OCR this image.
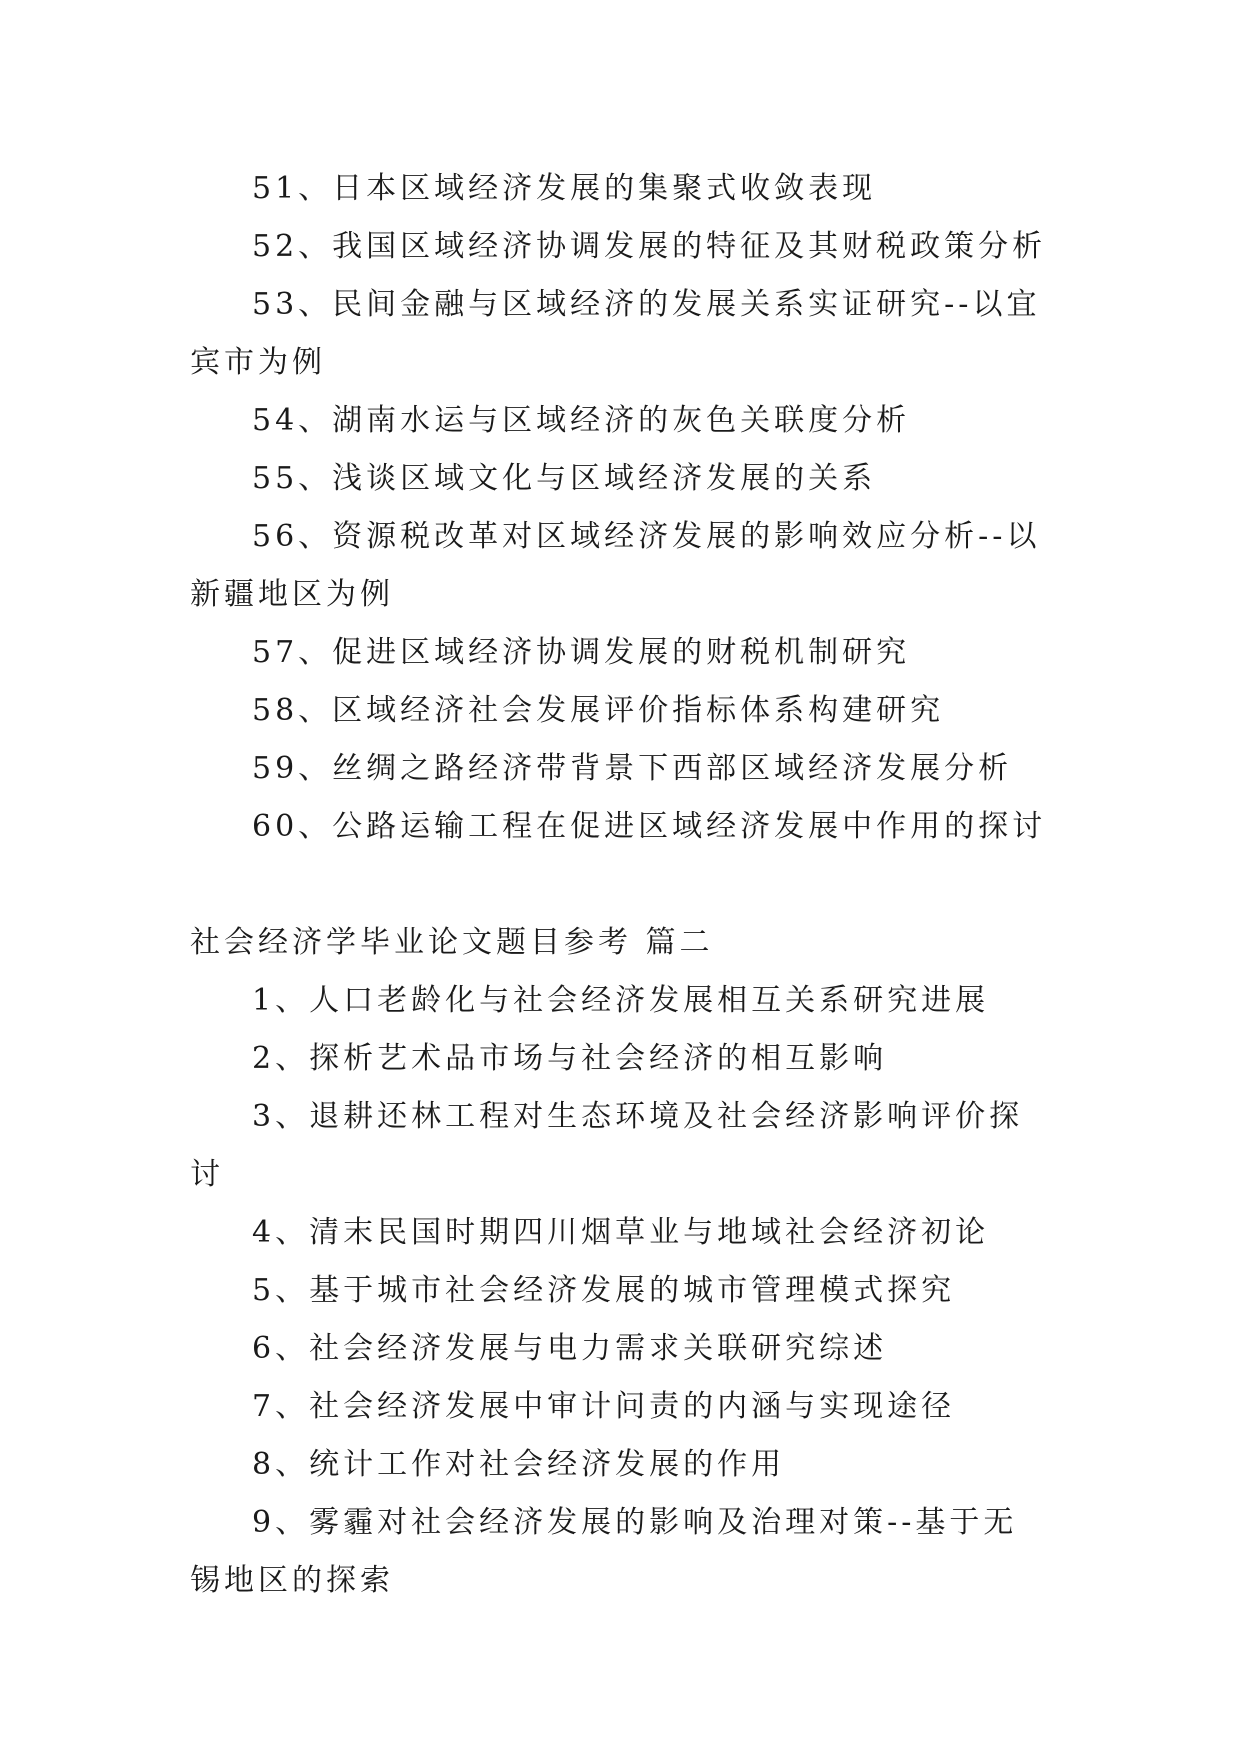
51、日本区域经济发展的集聚式收敛表现

52、我国区域经济协调发展的特征及其财税政策分析

53、民间金融与区域经济的发展关系实证研究--以宜宾市为例

54、湖南水运与区域经济的灰色关联度分析

55、浅谈区域文化与区域经济发展的关系

56、资源税改革对区域经济发展的影响效应分析--以新疆地区为例

57、促进区域经济协调发展的财税机制研究

58、区域经济社会发展评价指标体系构建研究

59、丝绸之路经济带背景下西部区域经济发展分析

60、公路运输工程在促进区域经济发展中作用的探讨

社会经济学毕业论文题目参考 篇二

1、人口老龄化与社会经济发展相互关系研究进展

2、探析艺术品市场与社会经济的相互影响

3、退耕还林工程对生态环境及社会经济影响评价探讨

4、清末民国时期四川烟草业与地域社会经济初论

5、基于城市社会经济发展的城市管理模式探究

6、社会经济发展与电力需求关联研究综述

7、社会经济发展中审计问责的内涵与实现途径

8、统计工作对社会经济发展的作用

9、雾霾对社会经济发展的影响及治理对策--基于无锡地区的探索
